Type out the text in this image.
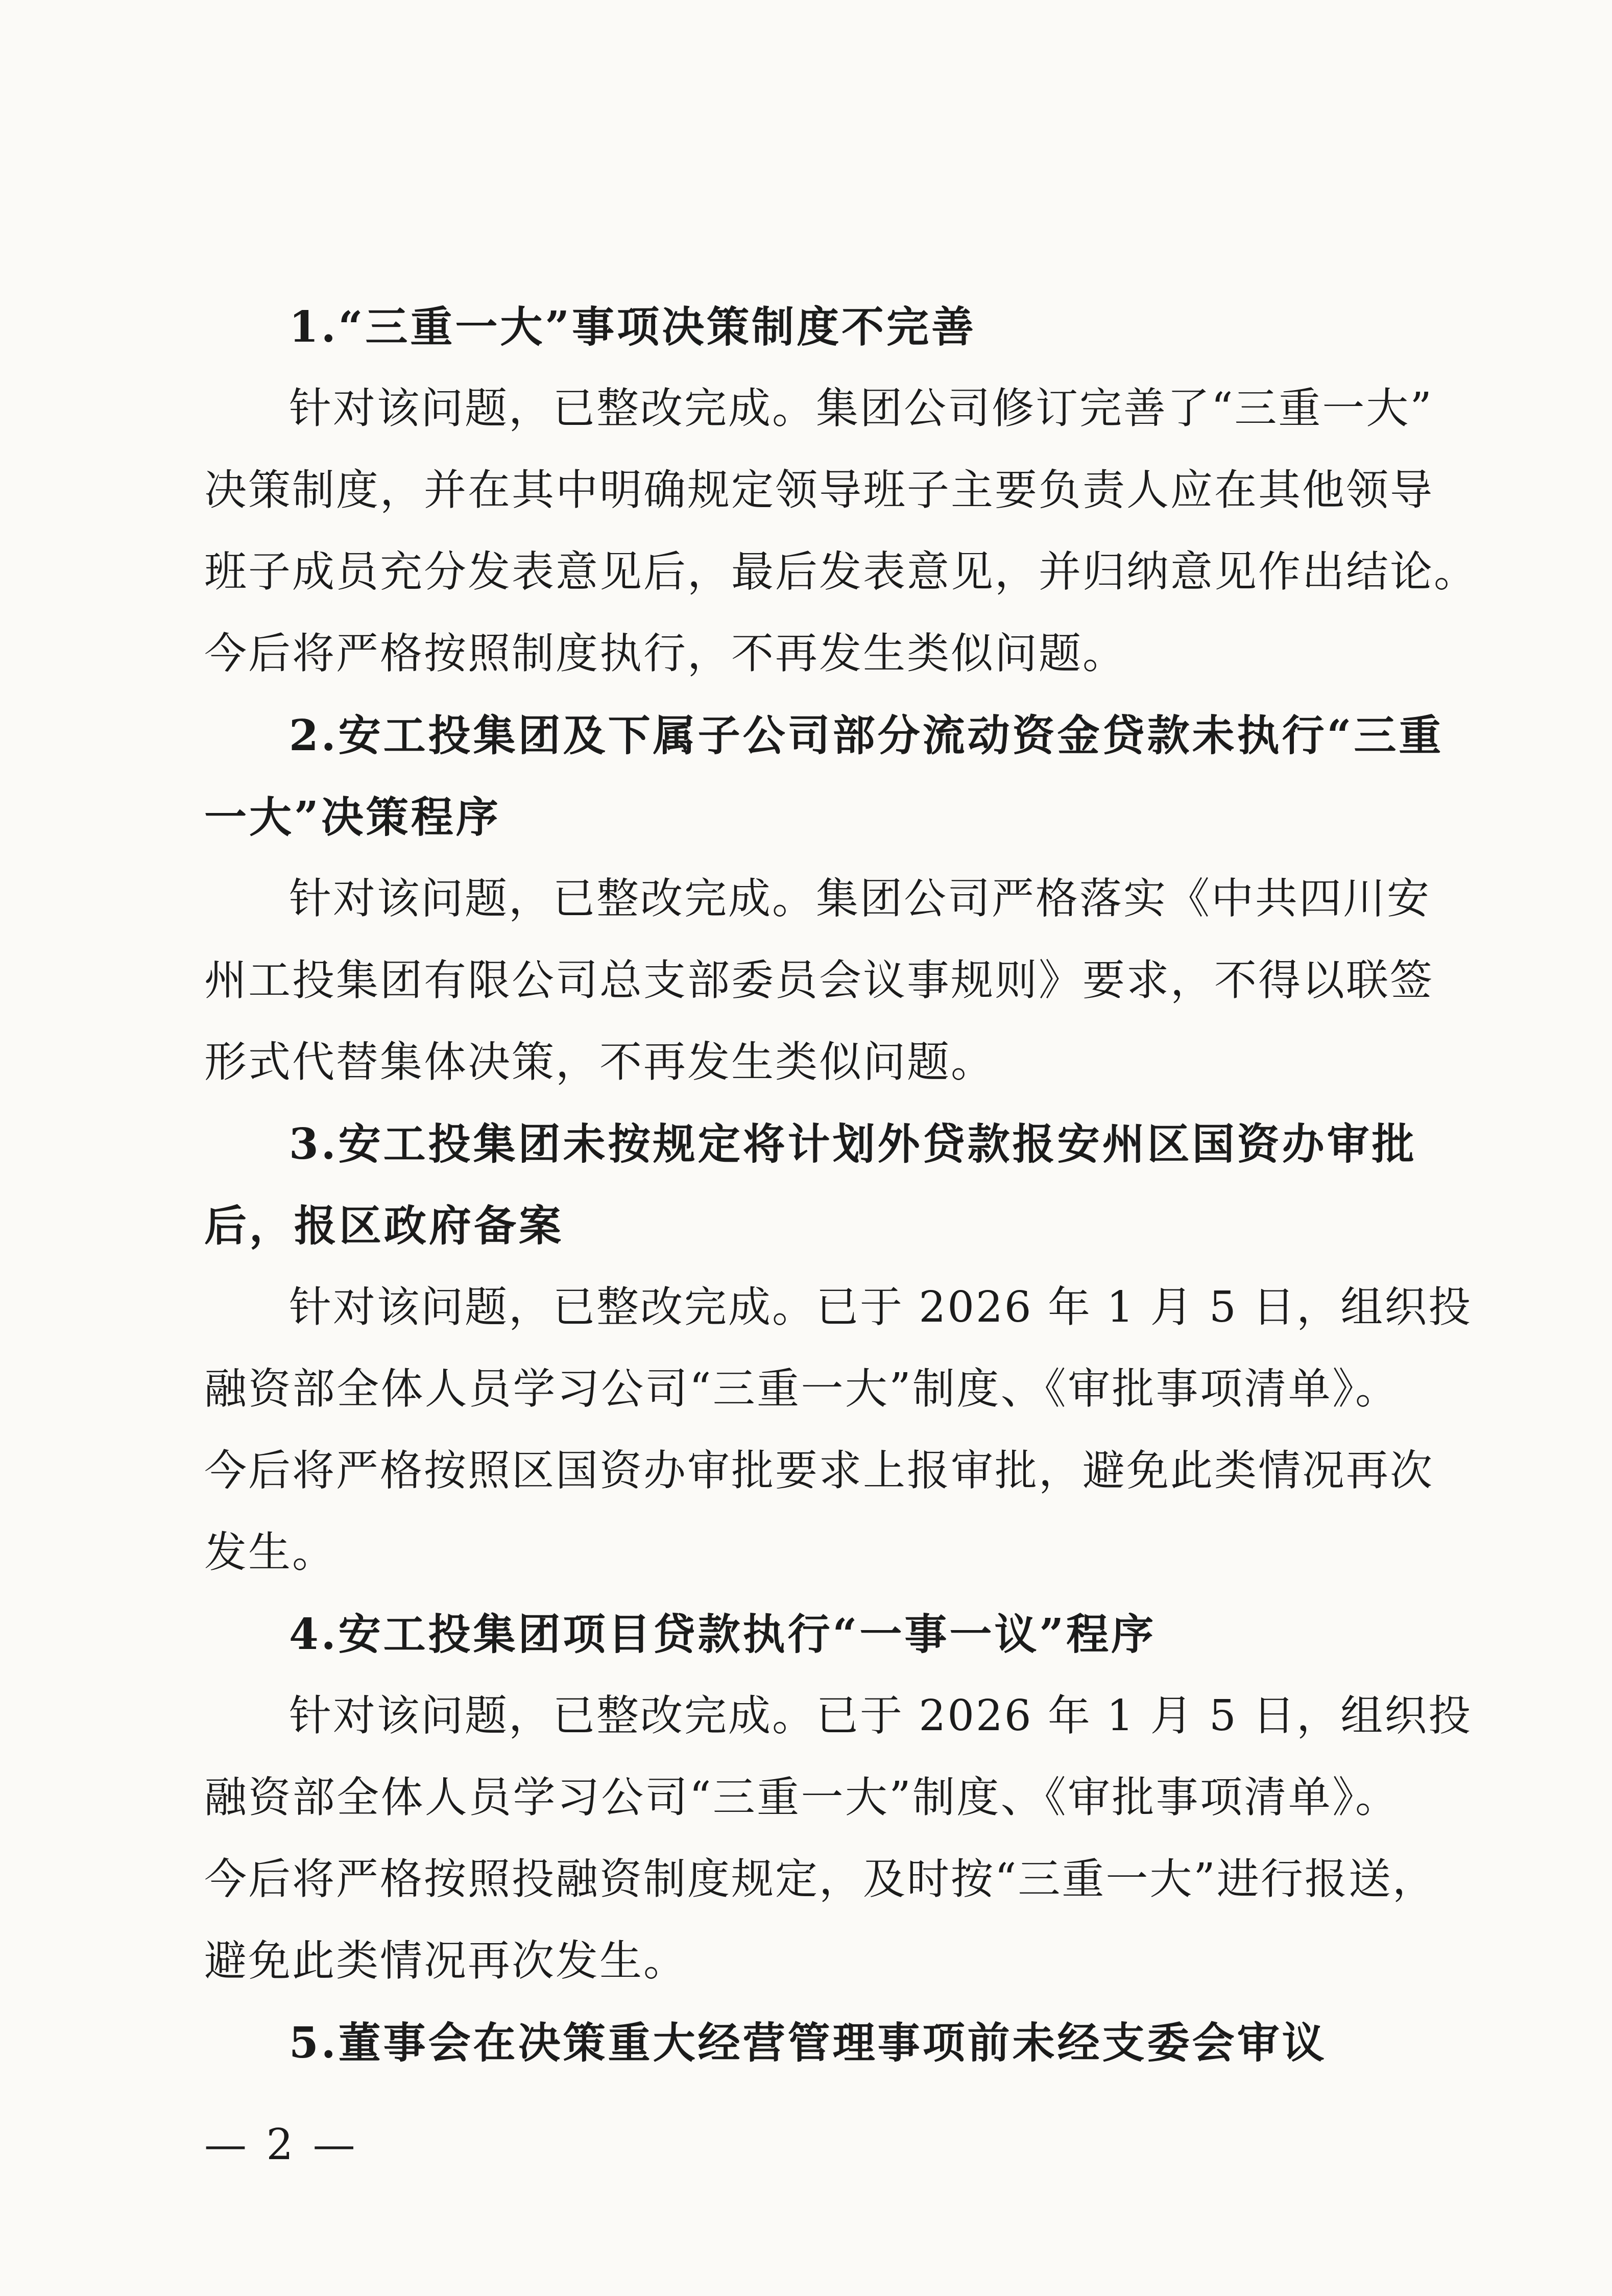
1.“三重一大”事项决策制度不完善

针对该问题，已整改完成。集团公司修订完善了“三重一大”

决策制度，并在其中明确规定领导班子主要负责人应在其他领导

班子成员充分发表意见后，最后发表意见，并归纳意见作出结论。

今后将严格按照制度执行，不再发生类似问题。

2.安工投集团及下属子公司部分流动资金贷款未执行“三重

一大”决策程序

针对该问题，已整改完成。集团公司严格落实《中共四川安

州工投集团有限公司总支部委员会议事规则》要求，不得以联签

形式代替集体决策，不再发生类似问题。

3.安工投集团未按规定将计划外贷款报安州区国资办审批

后，报区政府备案

针对该问题，已整改完成。已于 2026 年 1 月 5 日，组织投

融资部全体人员学习公司“三重一大”制度、《审批事项清单》。

今后将严格按照区国资办审批要求上报审批，避免此类情况再次

发生。

4.安工投集团项目贷款执行“一事一议”程序

针对该问题，已整改完成。已于 2026 年 1 月 5 日，组织投

融资部全体人员学习公司“三重一大”制度、《审批事项清单》。

今后将严格按照投融资制度规定，及时按“三重一大”进行报送，

避免此类情况再次发生。

5.董事会在决策重大经营管理事项前未经支委会审议

— 2 —
